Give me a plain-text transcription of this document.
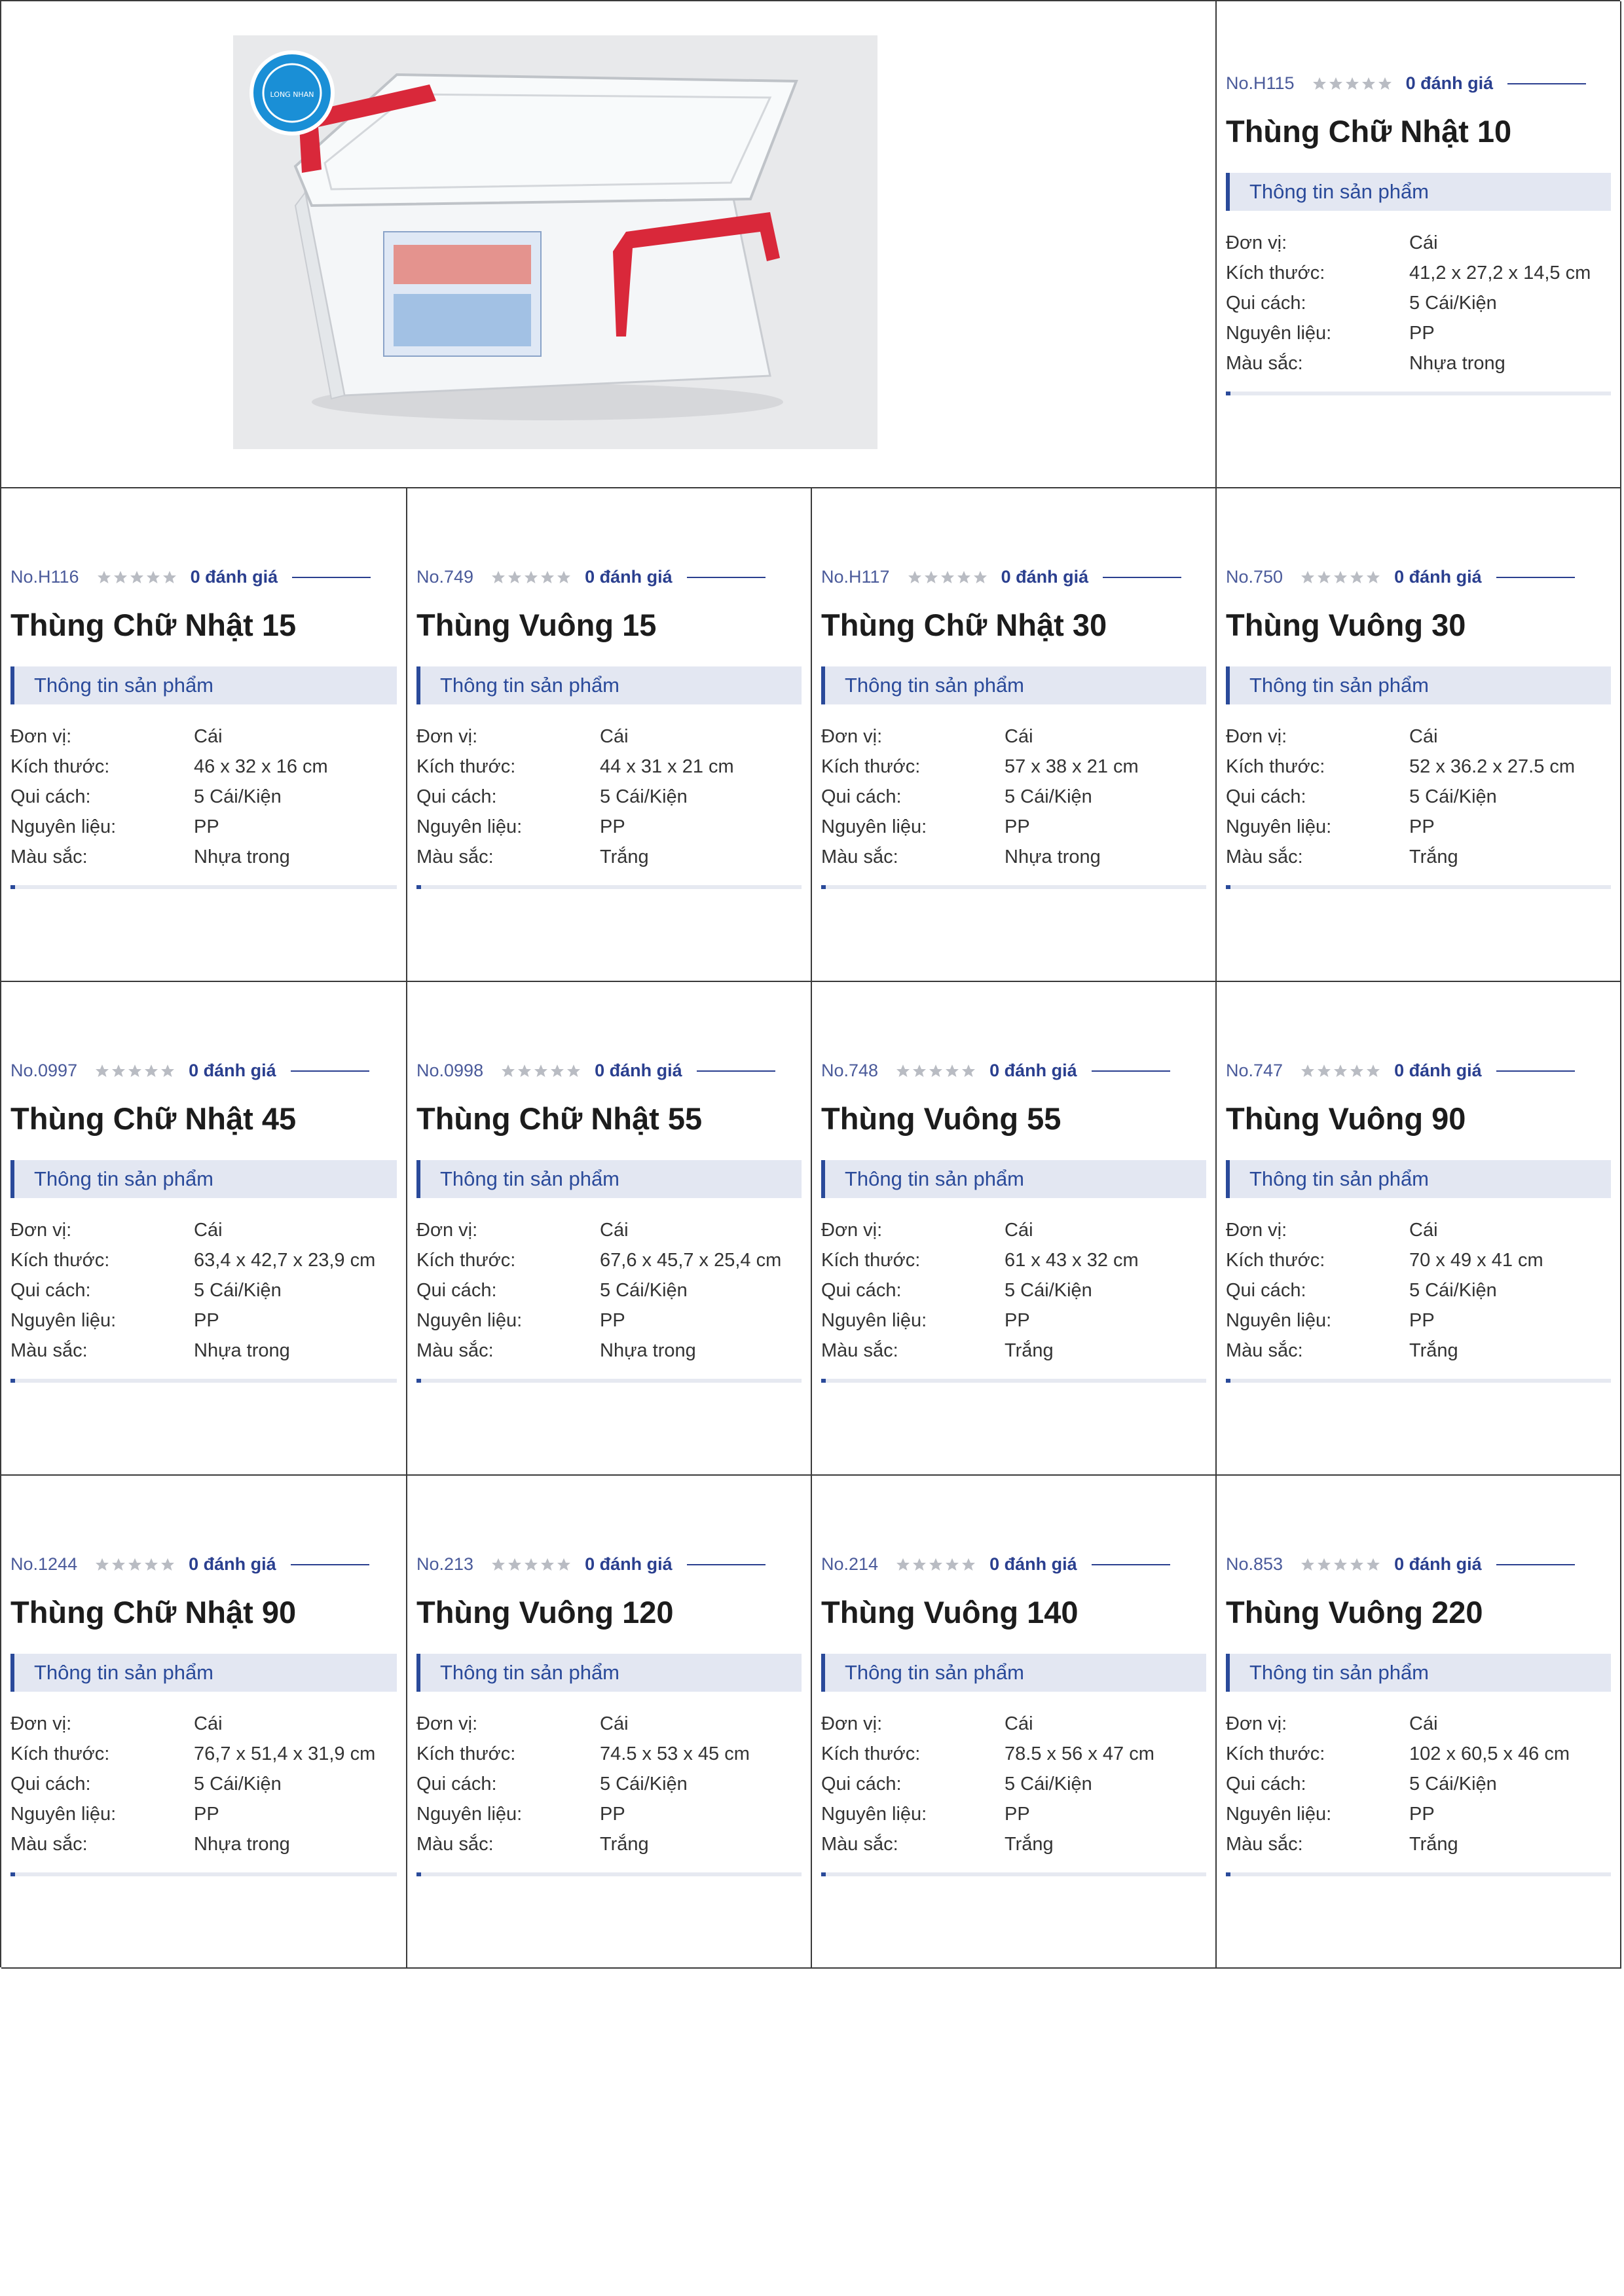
LONG NHAN
No.H115	0 đánh giá
Thùng Chữ Nhật 10
Thông tin sản phẩm
Đơn vị:	Cái
Kích thước:	41,2 x 27,2 x 14,5 cm
Qui cách:	5 Cái/Kiện
Nguyên liệu:	PP
Màu sắc:	Nhựa trong
No.H116	0 đánh giá
Thùng Chữ Nhật 15
Thông tin sản phẩm
Đơn vị:	Cái
Kích thước:	46 x 32 x 16 cm
Qui cách:	5 Cái/Kiện
Nguyên liệu:	PP
Màu sắc:	Nhựa trong
No.749	0 đánh giá
Thùng Vuông 15
Thông tin sản phẩm
Đơn vị:	Cái
Kích thước:	44 x 31 x 21 cm
Qui cách:	5 Cái/Kiện
Nguyên liệu:	PP
Màu sắc:	Trắng
No.H117	0 đánh giá
Thùng Chữ Nhật 30
Thông tin sản phẩm
Đơn vị:	Cái
Kích thước:	57 x 38 x 21 cm
Qui cách:	5 Cái/Kiện
Nguyên liệu:	PP
Màu sắc:	Nhựa trong
No.750	0 đánh giá
Thùng Vuông 30
Thông tin sản phẩm
Đơn vị:	Cái
Kích thước:	52 x 36.2 x 27.5 cm
Qui cách:	5 Cái/Kiện
Nguyên liệu:	PP
Màu sắc:	Trắng
No.0997	0 đánh giá
Thùng Chữ Nhật 45
Thông tin sản phẩm
Đơn vị:	Cái
Kích thước:	63,4 x 42,7 x 23,9 cm
Qui cách:	5 Cái/Kiện
Nguyên liệu:	PP
Màu sắc:	Nhựa trong
No.0998	0 đánh giá
Thùng Chữ Nhật 55
Thông tin sản phẩm
Đơn vị:	Cái
Kích thước:	67,6 x 45,7 x 25,4 cm
Qui cách:	5 Cái/Kiện
Nguyên liệu:	PP
Màu sắc:	Nhựa trong
No.748	0 đánh giá
Thùng Vuông 55
Thông tin sản phẩm
Đơn vị:	Cái
Kích thước:	61 x 43 x 32 cm
Qui cách:	5 Cái/Kiện
Nguyên liệu:	PP
Màu sắc:	Trắng
No.747	0 đánh giá
Thùng Vuông 90
Thông tin sản phẩm
Đơn vị:	Cái
Kích thước:	70 x 49 x 41 cm
Qui cách:	5 Cái/Kiện
Nguyên liệu:	PP
Màu sắc:	Trắng
No.1244	0 đánh giá
Thùng Chữ Nhật 90
Thông tin sản phẩm
Đơn vị:	Cái
Kích thước:	76,7 x 51,4 x 31,9 cm
Qui cách:	5 Cái/Kiện
Nguyên liệu:	PP
Màu sắc:	Nhựa trong
No.213	0 đánh giá
Thùng Vuông 120
Thông tin sản phẩm
Đơn vị:	Cái
Kích thước:	74.5 x 53 x 45 cm
Qui cách:	5 Cái/Kiện
Nguyên liệu:	PP
Màu sắc:	Trắng
No.214	0 đánh giá
Thùng Vuông 140
Thông tin sản phẩm
Đơn vị:	Cái
Kích thước:	78.5 x 56 x 47 cm
Qui cách:	5 Cái/Kiện
Nguyên liệu:	PP
Màu sắc:	Trắng
No.853	0 đánh giá
Thùng Vuông 220
Thông tin sản phẩm
Đơn vị:	Cái
Kích thước:	102 x 60,5 x 46 cm
Qui cách:	5 Cái/Kiện
Nguyên liệu:	PP
Màu sắc:	Trắng
